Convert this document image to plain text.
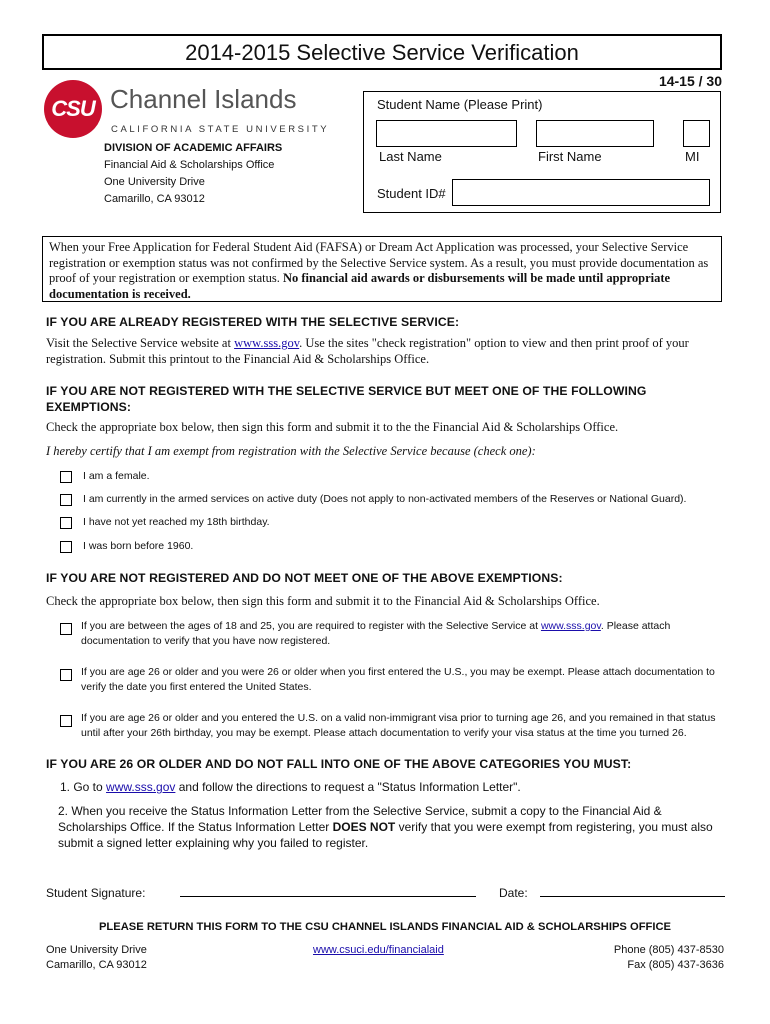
2014-2015 Selective Service Verification
14-15 / 30
CSU Channel Islands
CALIFORNIA STATE UNIVERSITY
DIVISION OF ACADEMIC AFFAIRS
Financial Aid & Scholarships Office
One University Drive
Camarillo, CA 93012
Student Name (Please Print)
Last Name	First Name	MI
Student ID#
When your Free Application for Federal Student Aid (FAFSA) or Dream Act Application was processed, your Selective Service registration or exemption status was not confirmed by the Selective Service system. As a result, you must provide documentation as proof of your registration or exemption status. No financial aid awards or disbursements will be made until appropriate documentation is received.
IF YOU ARE ALREADY REGISTERED WITH THE SELECTIVE SERVICE:
Visit the Selective Service website at www.sss.gov. Use the sites "check registration" option to view and then print proof of your registration. Submit this printout to the Financial Aid & Scholarships Office.
IF YOU ARE NOT REGISTERED WITH THE SELECTIVE SERVICE BUT MEET ONE OF THE FOLLOWING
EXEMPTIONS:
Check the appropriate box below, then sign this form and submit it to the the Financial Aid & Scholarships Office.
I hereby certify that I am exempt from registration with the Selective Service because (check one):
I am a female.
I am currently in the armed services on active duty (Does not apply to non-activated members of the Reserves or National Guard).
I have not yet reached my 18th birthday.
I was born before 1960.
IF YOU ARE NOT REGISTERED AND DO NOT MEET ONE OF THE ABOVE EXEMPTIONS:
Check the appropriate box below, then sign this form and submit it to the Financial Aid & Scholarships Office.
If you are between the ages of 18 and 25, you are required to register with the Selective Service at www.sss.gov. Please attach documentation to verify that you have now registered.
If you are age 26 or older and you were 26 or older when you first entered the U.S., you may be exempt. Please attach documentation to verify the date you first entered the United States.
If you are age 26 or older and you entered the U.S. on a valid non-immigrant visa prior to turning age 26, and you remained in that status until after your 26th birthday, you may be exempt. Please attach documentation to verify your visa status at the time you turned 26.
IF YOU ARE 26 OR OLDER AND DO NOT FALL INTO ONE OF THE ABOVE CATEGORIES YOU MUST:
1. Go to www.sss.gov and follow the directions to request a "Status Information Letter".
2. When you receive the Status Information Letter from the Selective Service, submit a copy to the Financial Aid & Scholarships Office. If the Status Information Letter DOES NOT verify that you were exempt from registering, you must also submit a signed letter explaining why you failed to register.
Student Signature:	Date:
PLEASE RETURN THIS FORM TO THE CSU CHANNEL ISLANDS FINANCIAL AID & SCHOLARSHIPS OFFICE
One University Drive
Camarillo, CA 93012
www.csuci.edu/financialaid	Phone (805) 437-8530
Fax (805) 437-3636
